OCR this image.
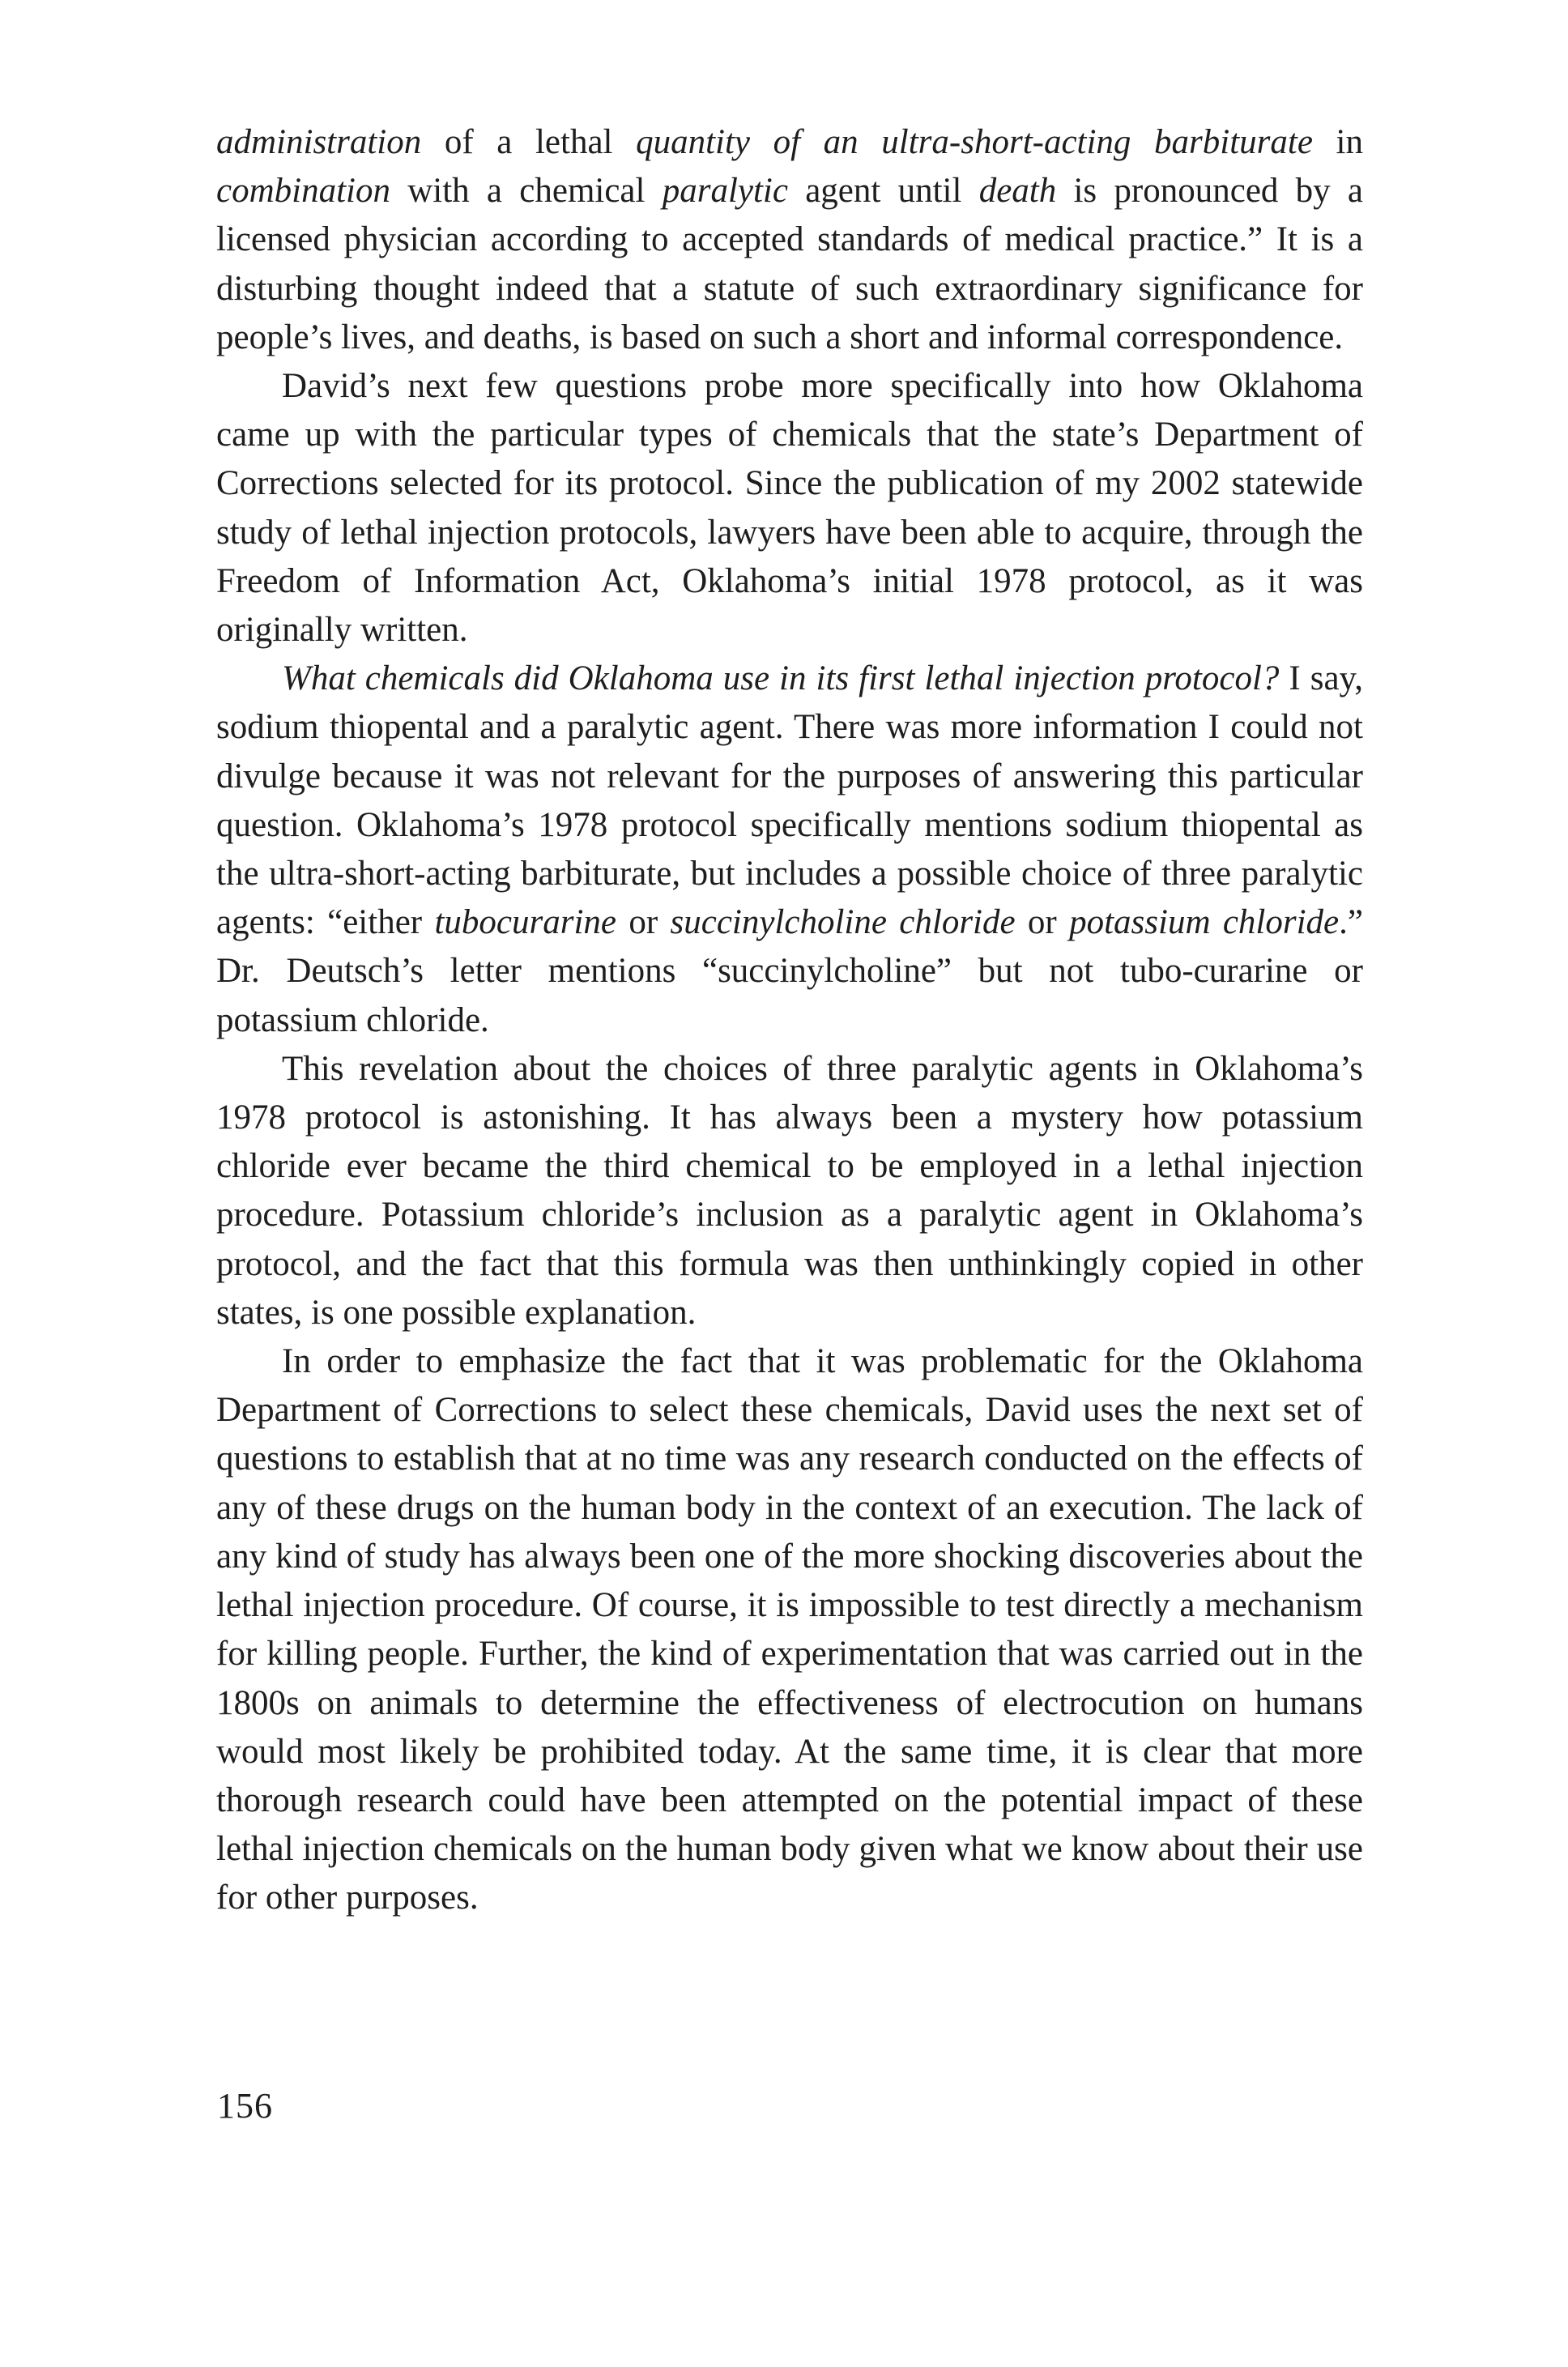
administration of a lethal quantity of an ultra-short-acting barbiturate in combination with a chemical paralytic agent until death is pronounced by a licensed physician according to accepted standards of medical practice.” It is a disturbing thought indeed that a statute of such extraordinary significance for people’s lives, and deaths, is based on such a short and informal correspondence.

David’s next few questions probe more specifically into how Oklahoma came up with the particular types of chemicals that the state’s Department of Corrections selected for its protocol. Since the publication of my 2002 statewide study of lethal injection protocols, lawyers have been able to acquire, through the Freedom of Information Act, Oklahoma’s initial 1978 protocol, as it was originally written.

What chemicals did Oklahoma use in its first lethal injection protocol? I say, sodium thiopental and a paralytic agent. There was more information I could not divulge because it was not relevant for the purposes of answering this particular question. Oklahoma’s 1978 protocol specifically mentions sodium thiopental as the ultra-short-acting barbiturate, but includes a possible choice of three paralytic agents: “either tubocurarine or succinylcholine chloride or potassium chloride.” Dr. Deutsch’s letter mentions “succinylcholine” but not tubo-curarine or potassium chloride.

This revelation about the choices of three paralytic agents in Oklahoma’s 1978 protocol is astonishing. It has always been a mystery how potassium chloride ever became the third chemical to be employed in a lethal injection procedure. Potassium chloride’s inclusion as a paralytic agent in Oklahoma’s protocol, and the fact that this formula was then unthinkingly copied in other states, is one possible explanation.

In order to emphasize the fact that it was problematic for the Oklahoma Department of Corrections to select these chemicals, David uses the next set of questions to establish that at no time was any research conducted on the effects of any of these drugs on the human body in the context of an execution. The lack of any kind of study has always been one of the more shocking discoveries about the lethal injection procedure. Of course, it is impossible to test directly a mechanism for killing people. Further, the kind of experimentation that was carried out in the 1800s on animals to determine the effectiveness of electrocution on humans would most likely be prohibited today. At the same time, it is clear that more thorough research could have been attempted on the potential impact of these lethal injection chemicals on the human body given what we know about their use for other purposes.

156
